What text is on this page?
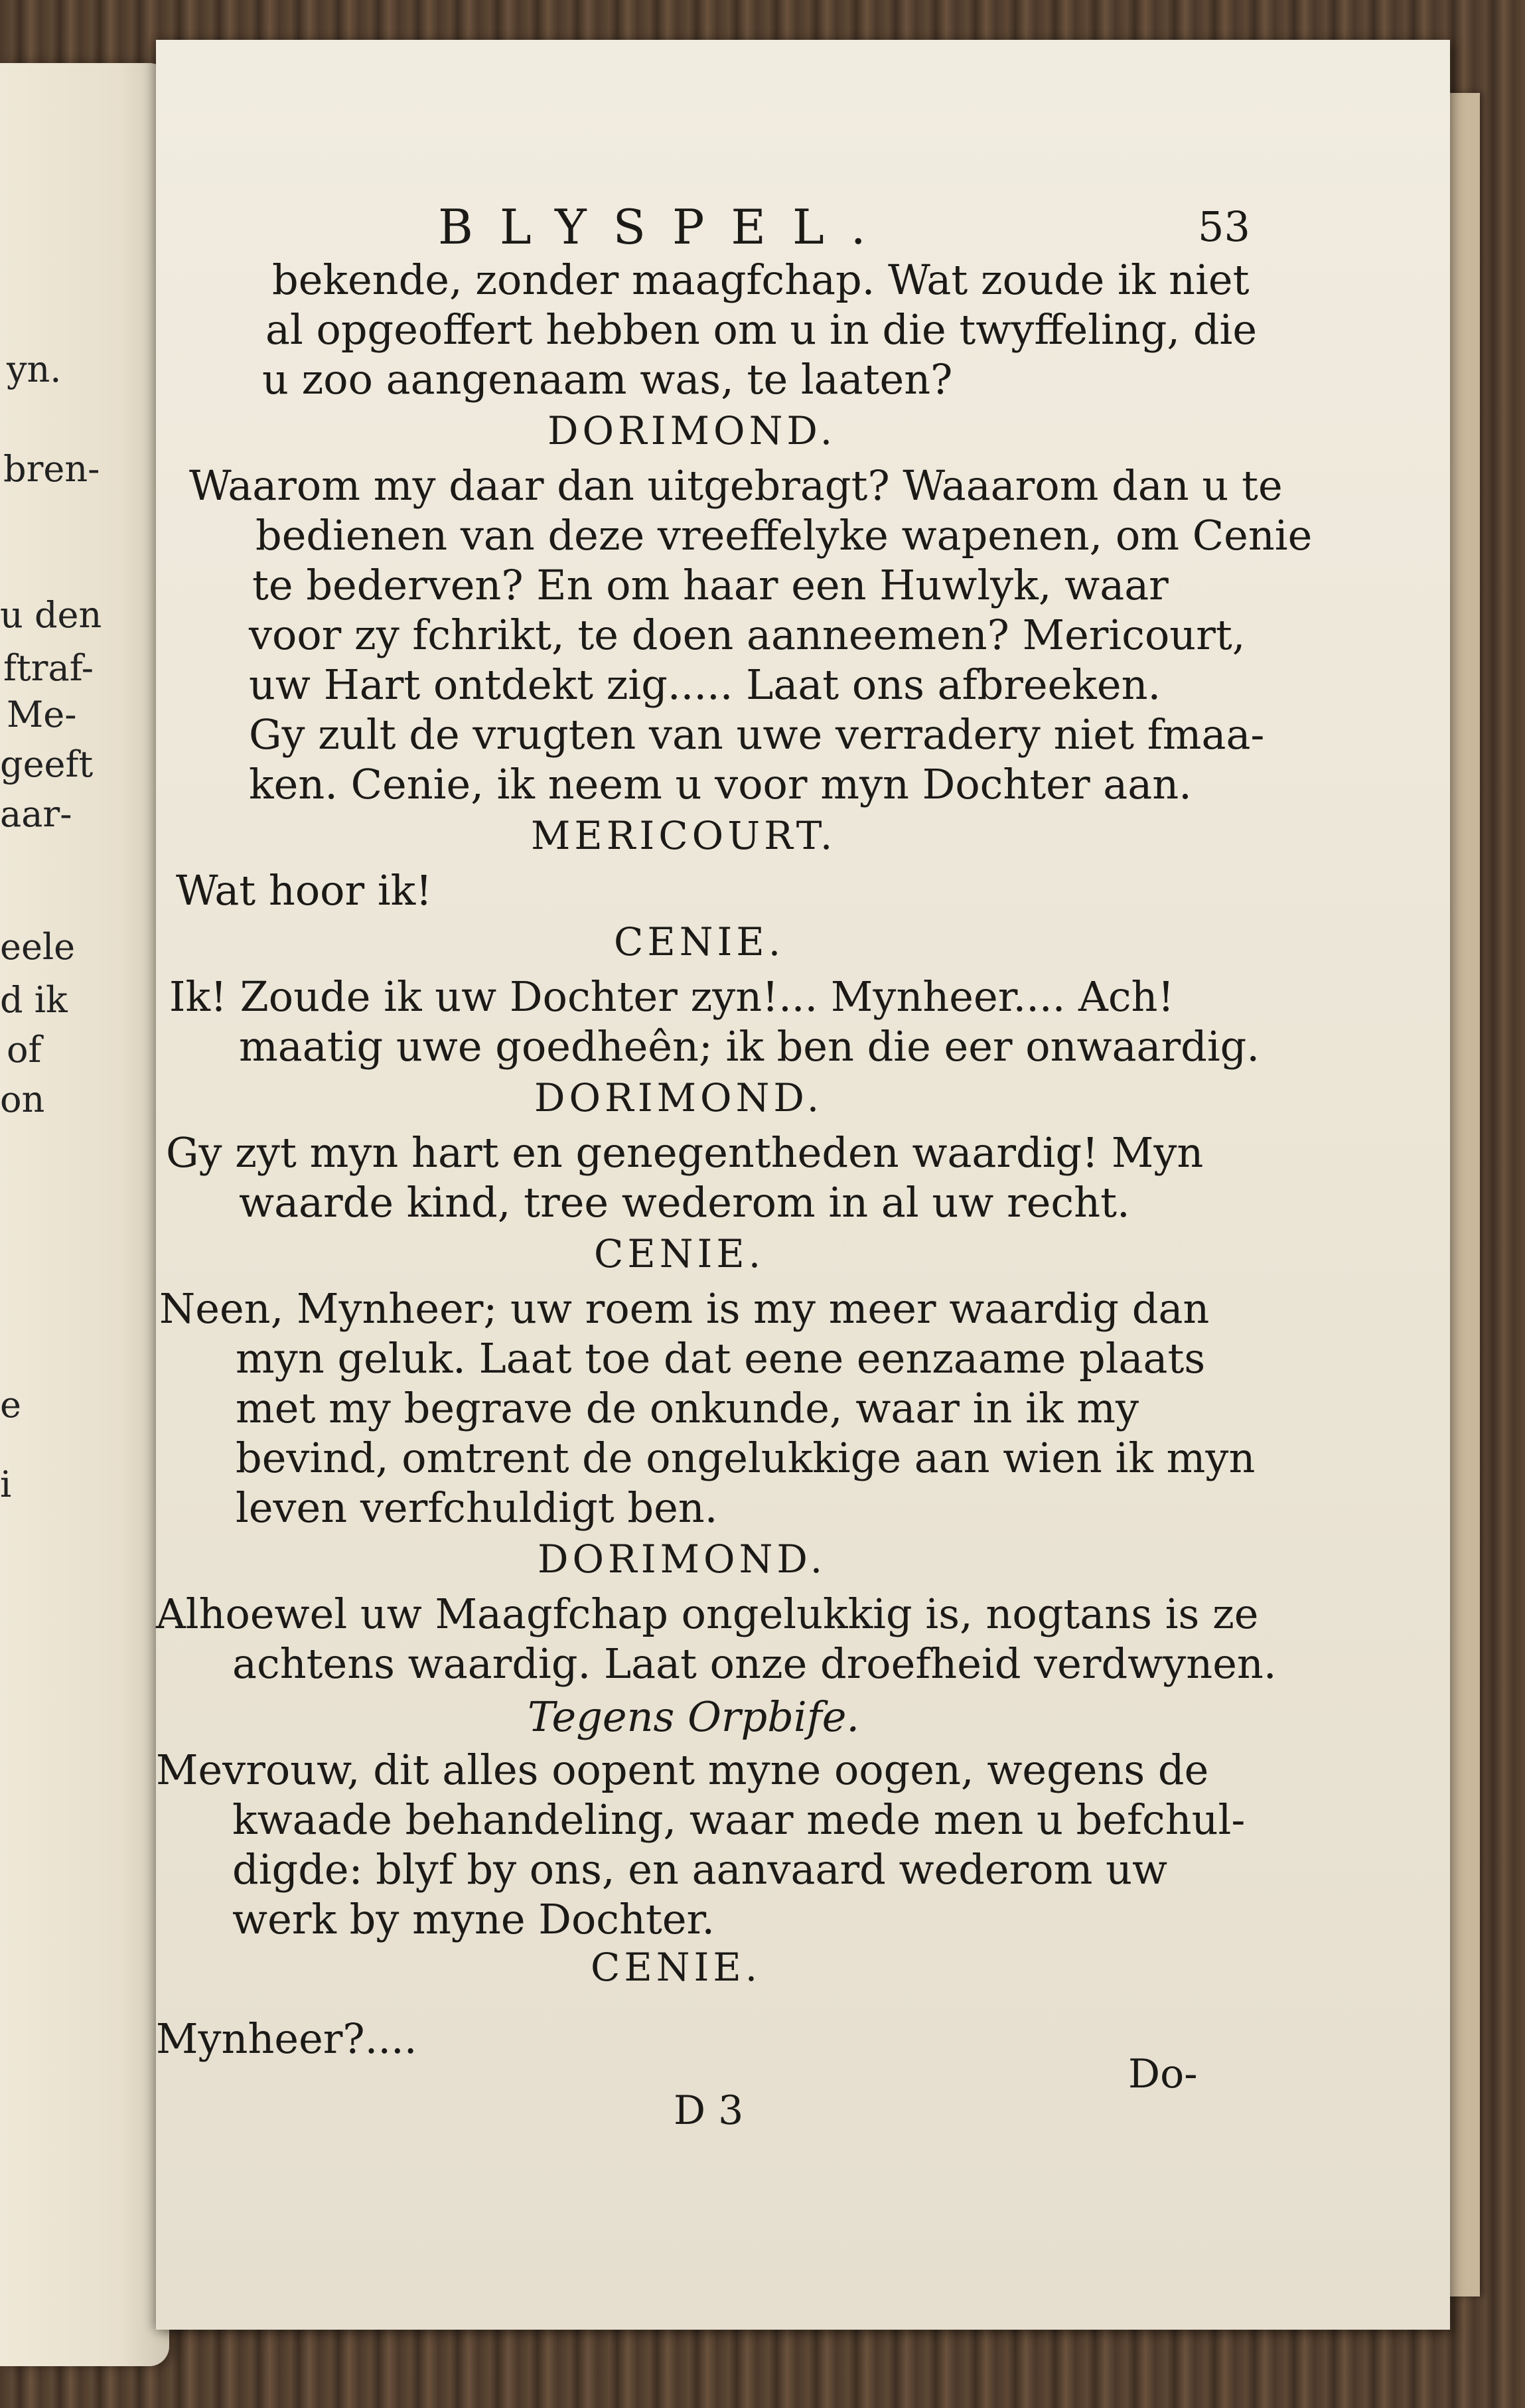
yn.
bren-
u den
ftraf-
Me-
geeft
aar-
eele
d ik
of
on
e
i
BLYSPEL.	53
bekende, zonder maagfchap. Wat zoude ik niet
al opgeoffert hebben om u in die twyffeling, die
u zoo aangenaam was, te laaten?
DORIMOND.
Waarom my daar dan uitgebragt? Waaarom dan u te
bedienen van deze vreeffelyke wapenen, om Cenie
te bederven? En om haar een Huwlyk, waar
voor zy fchrikt, te doen aanneemen? Mericourt,
uw Hart ontdekt zig..... Laat ons afbreeken.
Gy zult de vrugten van uwe verradery niet fmaa-
ken. Cenie, ik neem u voor myn Dochter aan.
MERICOURT.
Wat hoor ik!
CENIE.
Ik! Zoude ik uw Dochter zyn!... Mynheer.... Ach!
maatig uwe goedheên; ik ben die eer onwaardig.
DORIMOND.
Gy zyt myn hart en genegentheden waardig! Myn
waarde kind, tree wederom in al uw recht.
CENIE.
Neen, Mynheer; uw roem is my meer waardig dan
myn geluk. Laat toe dat eene eenzaame plaats
met my begrave de onkunde, waar in ik my
bevind, omtrent de ongelukkige aan wien ik myn
leven verfchuldigt ben.
DORIMOND.
Alhoewel uw Maagfchap ongelukkig is, nogtans is ze
achtens waardig. Laat onze droefheid verdwynen.
Tegens Orpbife.
Mevrouw, dit alles oopent myne oogen, wegens de
kwaade behandeling, waar mede men u befchul-
digde: blyf by ons, en aanvaard wederom uw
werk by myne Dochter.
CENIE.
Mynheer?....
D 3
Do-
